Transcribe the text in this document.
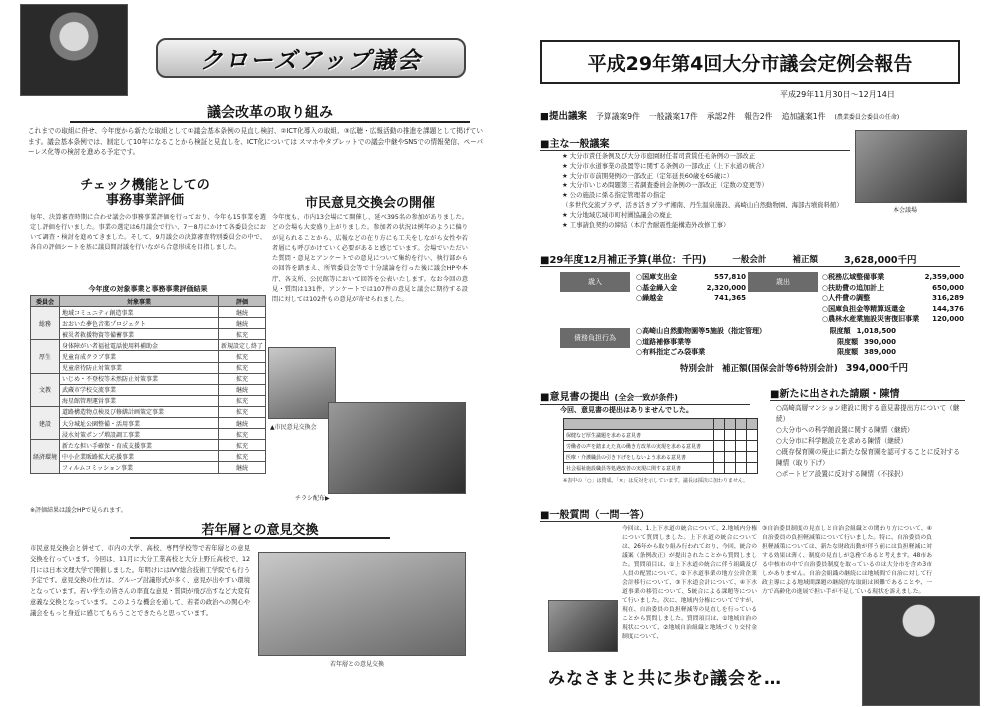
クローズアップ議会
議会改革の取り組み
これまでの取組に併せ、今年度から新たな取組として①議会基本条例の見直し検討、②ICT化導入の取組、③広聴・広報活動の推進を課題として掲げています。議会基本条例では、制定して10年になることから検証と見直しを、ICT化については スマホやタブレットでの議会中継やSNSでの情報発信、ペーパーレス化等の検討を進める予定です。
チェック機能としての
事務事業評価
毎年、決算審査時期に合わせ議会の事務事業評価を行っており、今年も15事業を選定し評価を行いました。事業の選定は6月議会で行い、7〜8月にかけて各委員会において調査・検討を進めてきました。そして、9月議会の決算審査特別委員会の中で、各自の評価シートを基に議員間討議を行いながら合意形成を目指しました。
今年度の対象事業と事務事業評価結果
委員会	対象事業	評価
総務	地域コミュニティ創造事業	継続
	おおいた夢色音楽プロジェクト	継続
	被災者救援物資等備蓄事業	拡充
厚生	身体障がい者福祉電話使用料補助金	新規設定し終了
	児童育成クラブ事業	拡充
	児童虐待防止対策事業	拡充
文教	いじめ・不登校等未然防止対策事業	拡充
	武蔵市学校交流事業	継続
	海星館管理運営事業	拡充
建設	道路構造物点検及び修繕計画策定事業	拡充
	大分城址公園整備・活用事業	継続
	浸水対策ポンプ増設調工事業	拡充
経済環境	新たな担い手確保・育成支援事業	拡充
	中小企業販路拡大応援事業	拡充
	フィルムコミッション事業	継続
※評価結果は議会HPで見られます。
市民意見交換会の開催
今年度も、市内13会場にて開催し、延べ395名の参加がありました。どの会場も大変盛り上がりました。参加者の状況は例年のように偏りが見られることから、広報などの在り方にも工夫をしながら女性や若者層にも呼びかけていく必要があると感じています。会場でいただいた質問・意見とアンケートでの意見について集約を行い、執行部からの回答を踏まえ、所管委員会等で十分議論を行った後に議会HPや本庁、各支所、公民館等において回答を公表いたします。なお今回の意見・質問は131件、アンケートでは107件の意見と議会に期待する設問に対しては102件もの意見が寄せられました。
▲市民意見交換会
チラシ配布▶
若年層との意見交換
市民意見交換会と併せて、市内の大学、高校、専門学校等で若年層との意見交換を行っています。今回は、11月に大分工業高校と大分上野丘高校で、12月には日本文理大学で開催しました。年明けにはIVY総合技術工学院でも行う予定です。意見交換の仕方は、グループ討議形式が多く、意見が出やすい環境となっています。若い学生の皆さんの率直な意見・質問が飛び出すなど大変有意義な交換となっています。このような機会を通して、若者の政治への関心や議会をもっと身近に感じてもらうことできたらと思っています。
若年層との意見交換
平成29年第4回大分市議会定例会報告
平成29年11月30日〜12月14日
■提出議案 予算議案9件 一般議案17件 承認2件 報告2件 追加議案1件 (農業委員会委員の任命)
■主な一般議案
★ 大分市責任条例及び大分市庭園財任者司責賃任毛条例の一部改正
★ 大分市水道事業の設置等に関する条例の一部改正（上下水道の統合）
★ 大分市市前開発例の一部改正（定年延長60歳を65歳に）
★ 大分市いじめ問題第三者調査委員会条例の一部改正（定数の変更等）
★ 公の施設に係る指定管理者の指定
（多世代交流プラザ、活き活きプラザ湘南、丹生温泉施設、高崎山自然動物園、海部古墳資料館）
★ 大分地域広域市町村圏協議会の廃止
★ 工事請負契約の締結（本庁舎耐震性能構造外改修工事）
本会議場
■29年度12月補正予算(単位：千円)	一般会計	補正額	3,628,000千円
歳入
○国庫支出金	557,810
○基金繰入金	2,320,000
○繰越金	741,365
歳出
○税務広域整備事業	2,359,000
○扶助費の追加計上	650,000
○人件費の調整	316,289
○国庫負担金等精算返還金	144,376
○農林水産業施設災害復旧事業	120,000
債務負担行為
○高崎山自然動物園等5施設（指定管理）	限度額 1,018,500
○道路補修事業等	限度額 390,000
○有料指定ごみ袋事業	限度額 389,000
特別会計 補正額(国保会計等6特別会計) 394,000千円
■意見書の提出 (全会一致が条件)
今回、意見書の提出はありませんでした。

保健など厚生議題を求める意見書				
労働者の声を踏まえた真の働き方改革の実現を求める意見書				
医療・介護職員の引き下げをしないよう求める意見書				
社会福祉施設職員等処遇改善の実現に関する意見書				
※表中の「○」は賛成、「×」は反対を示しています。議長は採決に加わりません。
■新たに出された請願・陳情
○高崎高層マンション建設に関する意見書提出方について（継続）
○大分市への科学館設置に関する陳情（継続）
○大分市に科学館設立を求める陳情（継続）
○既存保育園の廃止に新たな保育園を認可することに反対する陳情（取り下げ）
○ポートピア設置に反対する陳情（不採択）
■一般質問（一問一答）
今回は、1.上下水道の統合について、2.地域内分権について質問しました。上下水道の統合については、26年から取り組み行われており、今回、統合の議案（条例改正）が提出されたことから質問しました。質問項目は、①上下水道の統合に伴う組織及び人員の配置について、②下水道事業の地方公営企業会計移行について、③下水道会計について、④下水道事業の移管について、5統合による課題等について行いました。次に、地域内分権についてですが、現在、自治委員の負担軽減等の見直しを行っていることから質問しました。質問項目は、①地域自治の現状について、②地域自治組織と地域づくり交付金制度について、
③自治委員制度の見直しと自治会組織との関わり方について、④自治委員の負担軽減策について行いました。特に、自治委員の負担軽減策については、新たな財政出動が伴う前には負担軽減に対する効果は薄く、制度の見直しが急務であると考えます。48市ある中核市の中で自治委員制度を取っているのは大分市を含め3市しかありません。自治会組織の継続には地域間で自治に対して行政主導による地域間課題の継続的な取組は困難であることや、一方で高齢化の進展で担い手が不足している現状を訴えました。
みなさまと共に歩む議会を…
